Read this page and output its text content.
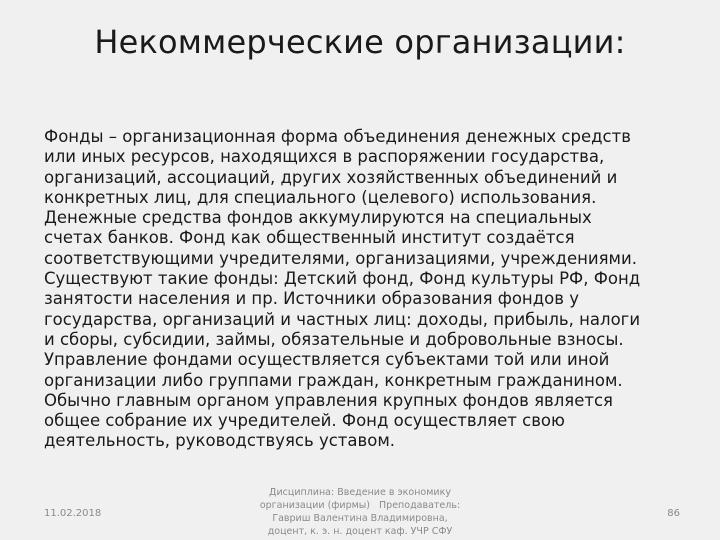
Некоммерческие организации:
Фонды – организационная форма объединения денежных средств
или иных ресурсов, находящихся в распоряжении государства,
организаций, ассоциаций, других хозяйственных объединений и
конкретных лиц, для специального (целевого) использования.
Денежные средства фондов аккумулируются на специальных
счетах банков. Фонд как общественный институт создаётся
соответствующими учредителями, организациями, учреждениями.
Существуют такие фонды: Детский фонд, Фонд культуры РФ, Фонд
занятости населения и пр. Источники образования фондов у
государства, организаций и частных лиц: доходы, прибыль, налоги
и сборы, субсидии, займы, обязательные и добровольные взносы.
Управление фондами осуществляется субъектами той или иной
организации либо группами граждан, конкретным гражданином.
Обычно главным органом управления крупных фондов является
общее собрание их учредителей. Фонд осуществляет свою
деятельность, руководствуясь уставом.
11.02.2018
Дисциплина: Введение в экономику
организации (фирмы)   Преподаватель:
Гавриш Валентина Владимировна,
доцент, к. э. н. доцент каф. УЧР СФУ
86
